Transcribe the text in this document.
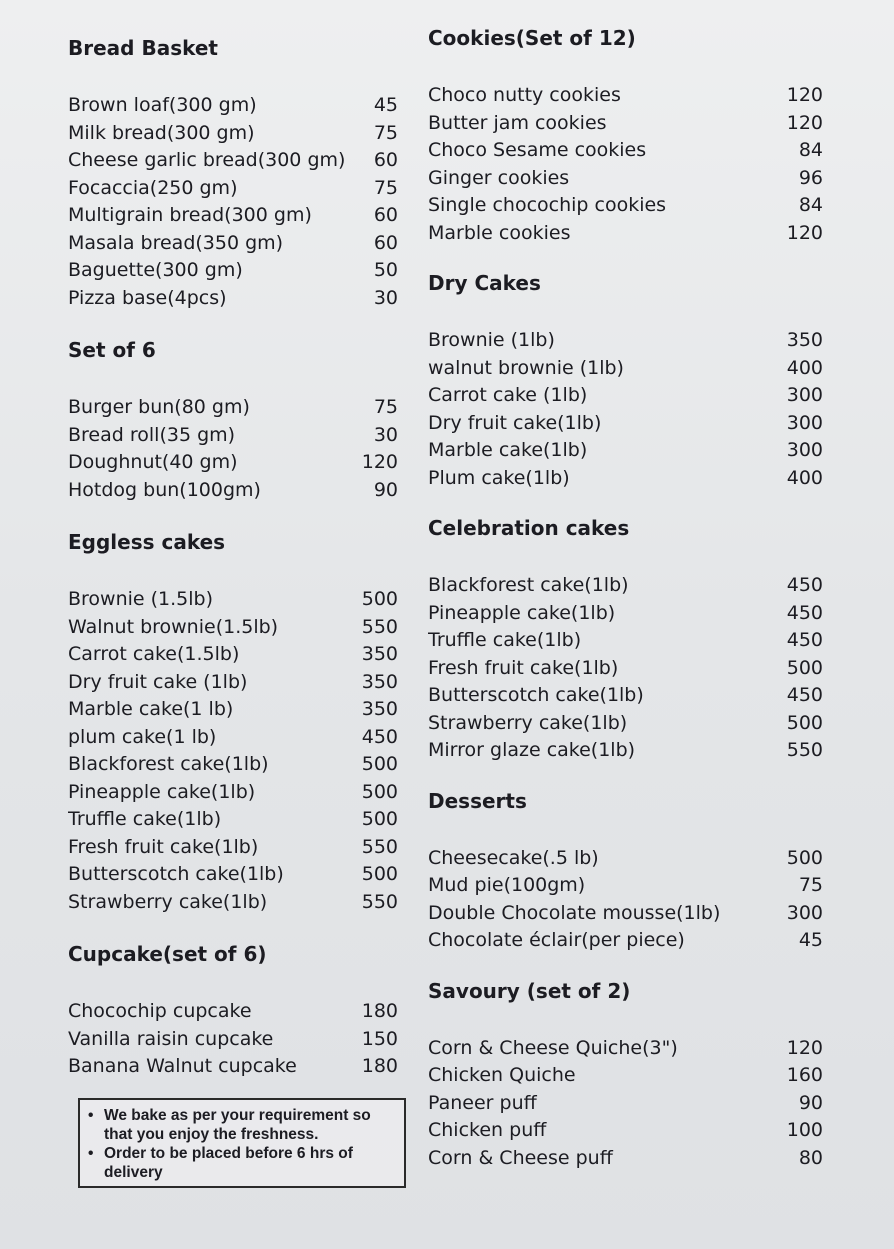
Bread Basket
Brown loaf(300 gm)	45
Milk bread(300 gm)	75
Cheese garlic bread(300 gm)	60
Focaccia(250 gm)	75
Multigrain bread(300 gm)	60
Masala bread(350 gm)	60
Baguette(300 gm)	50
Pizza base(4pcs)	30
Set of 6
Burger bun(80 gm)	75
Bread roll(35 gm)	30
Doughnut(40 gm)	120
Hotdog bun(100gm)	90
Eggless cakes
Brownie (1.5lb)	500
Walnut brownie(1.5lb)	550
Carrot cake(1.5lb)	350
Dry fruit cake (1lb)	350
Marble cake(1 lb)	350
plum cake(1 lb)	450
Blackforest cake(1lb)	500
Pineapple cake(1lb)	500
Truffle cake(1lb)	500
Fresh fruit cake(1lb)	550
Butterscotch cake(1lb)	500
Strawberry cake(1lb)	550
Cupcake(set of 6)
Chocochip cupcake	180
Vanilla raisin cupcake	150
Banana Walnut cupcake	180
Cookies(Set of 12)
Choco nutty cookies	120
Butter jam cookies	120
Choco Sesame cookies	84
Ginger cookies	96
Single chocochip cookies	84
Marble cookies	120
Dry Cakes
Brownie (1lb)	350
walnut brownie (1lb)	400
Carrot cake (1lb)	300
Dry fruit cake(1lb)	300
Marble cake(1lb)	300
Plum cake(1lb)	400
Celebration cakes
Blackforest cake(1lb)	450
Pineapple cake(1lb)	450
Truffle cake(1lb)	450
Fresh fruit cake(1lb)	500
Butterscotch cake(1lb)	450
Strawberry cake(1lb)	500
Mirror glaze cake(1lb)	550
Desserts
Cheesecake(.5 lb)	500
Mud pie(100gm)	75
Double Chocolate mousse(1lb)	300
Chocolate éclair(per piece)	45
Savoury (set of 2)
Corn & Cheese Quiche(3")	120
Chicken Quiche	160
Paneer puff	90
Chicken puff	100
Corn & Cheese puff	80
• We bake as per your requirement so that you enjoy the freshness.
• Order to be placed before 6 hrs of delivery
